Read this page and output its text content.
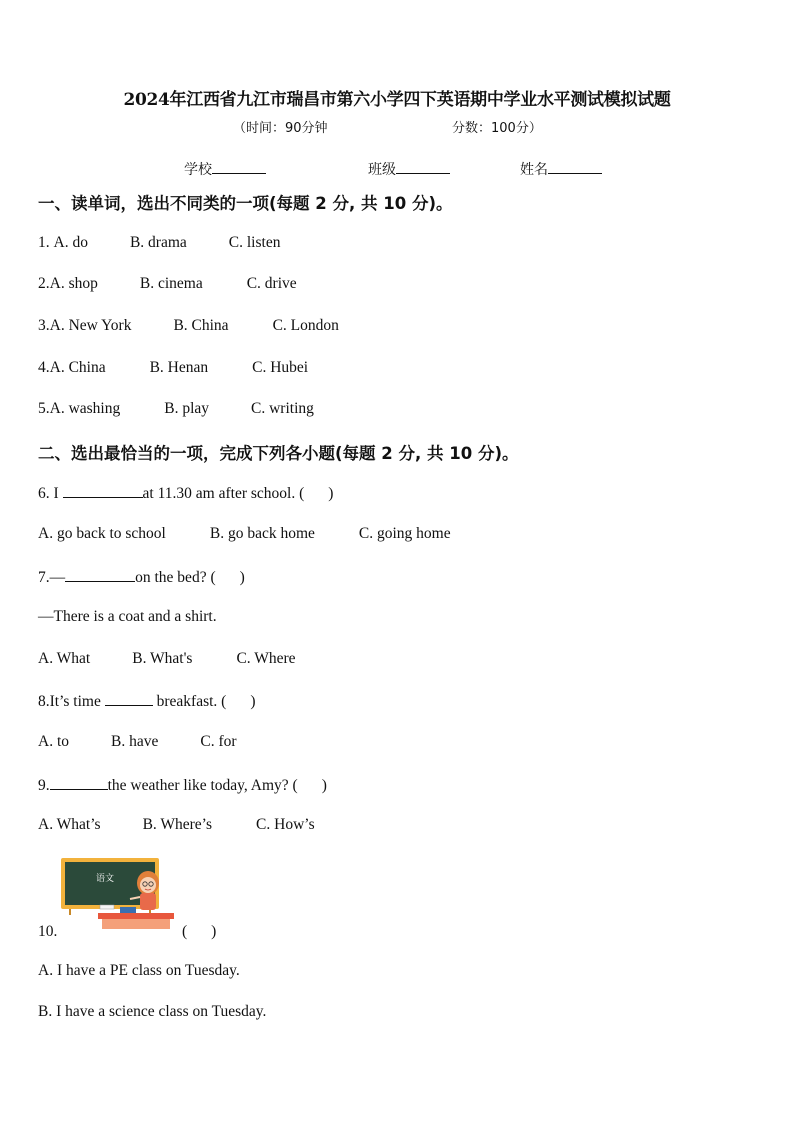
2024年江西省九江市瑞昌市第六小学四下英语期中学业水平测试模拟试题
（时间：90分钟	分数：100分）
学校	班级	姓名
一、读单词，选出不同类的一项(每题 2 分, 共 10 分)。
1. A. do	B. drama	C. listen
2.A. shop	B. cinema	C. drive
3.A. New York	B. China	C. London
4.A. China	B. Henan	C. Hubei
5.A. washing	B. play	C. writing
二、选出最恰当的一项，完成下列各小题(每题 2 分, 共 10 分)。
6. I	at 11.30 am after school. ( )
A. go back to school	B. go back home	C. going home
7.—	on the bed? ( )
—There is a coat and a shirt.
A. What	B. What's	C. Where
8.It’s time	breakfast. ( )
A. to	B. have	C. for
9.	the weather like today, Amy? ( )
A. What’s	B. Where’s	C. How’s
语文
10.	( )
A. I have a PE class on Tuesday.
B. I have a science class on Tuesday.
